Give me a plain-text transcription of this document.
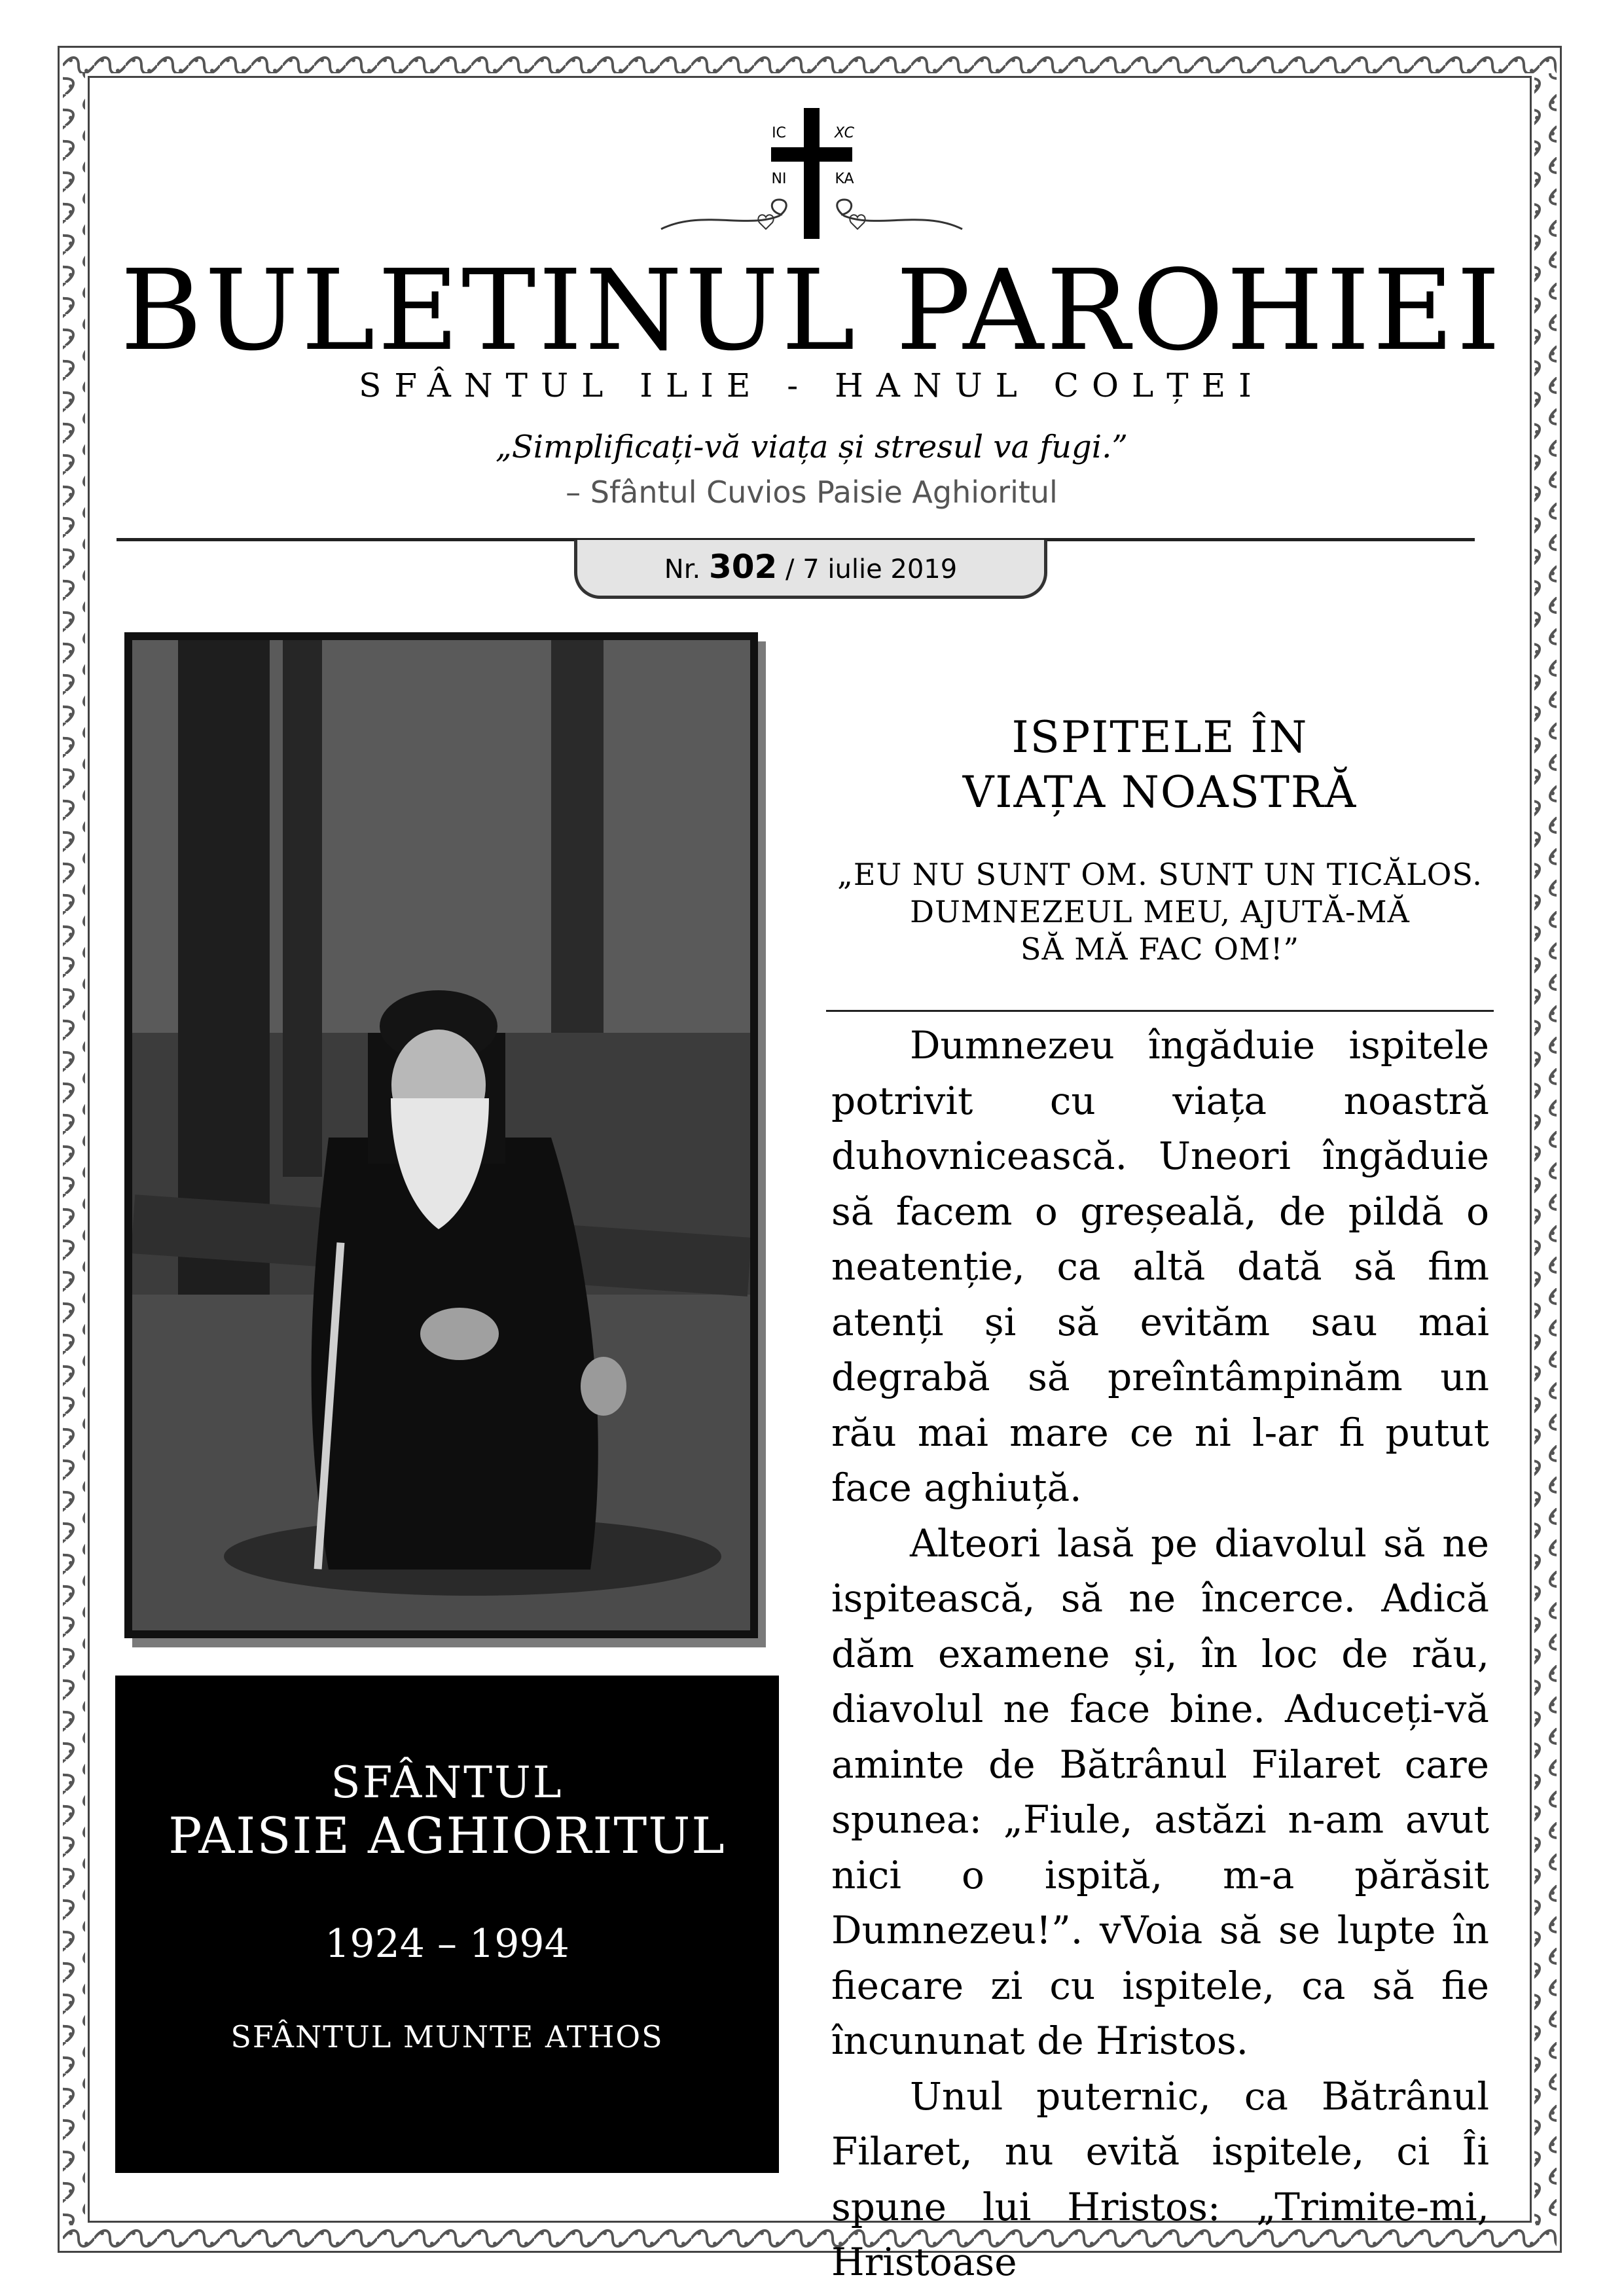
IC	XC
NI	KA
BULETINUL PAROHIEI
SFÂNTUL ILIE - HANUL COLȚEI
„Simplificați-vă viața și stresul va fugi.”
– Sfântul Cuvios Paisie Aghioritul
Nr. 302 / 7 iulie 2019
SFÂNTUL
PAISIE AGHIORITUL
1924 – 1994
SFÂNTUL MUNTE ATHOS
ISPITELE ÎN
VIAȚA NOASTRĂ
„EU NU SUNT OM. SUNT UN TICĂLOS.
DUMNEZEUL MEU, AJUTĂ-MĂ
SĂ MĂ FAC OM!”

Dumnezeu îngăduie ispitele potrivit cu viața noastră duhovnicească. Uneori îngăduie să facem o greșeală, de pildă o neatenție, ca altă dată să fim atenți și să evităm sau mai degrabă să preîntâmpinăm un rău mai mare ce ni l-ar fi putut face aghiuță.

Alteori lasă pe diavolul să ne ispitească, să ne încerce. Adică dăm examene și, în loc de rău, diavolul ne face bine. Aduceți-vă aminte de Bătrânul Filaret care spunea: „Fiule, astăzi n-am avut nici o ispită, m-a părăsit Dumnezeu!”. vVoia să se lupte în fiecare zi cu ispitele, ca să fie încununat de Hristos.

Unul puternic, ca Bătrânul Filaret, nu evită ispitele, ci Îi spune lui Hristos: „Trimite-mi, Hristoase
